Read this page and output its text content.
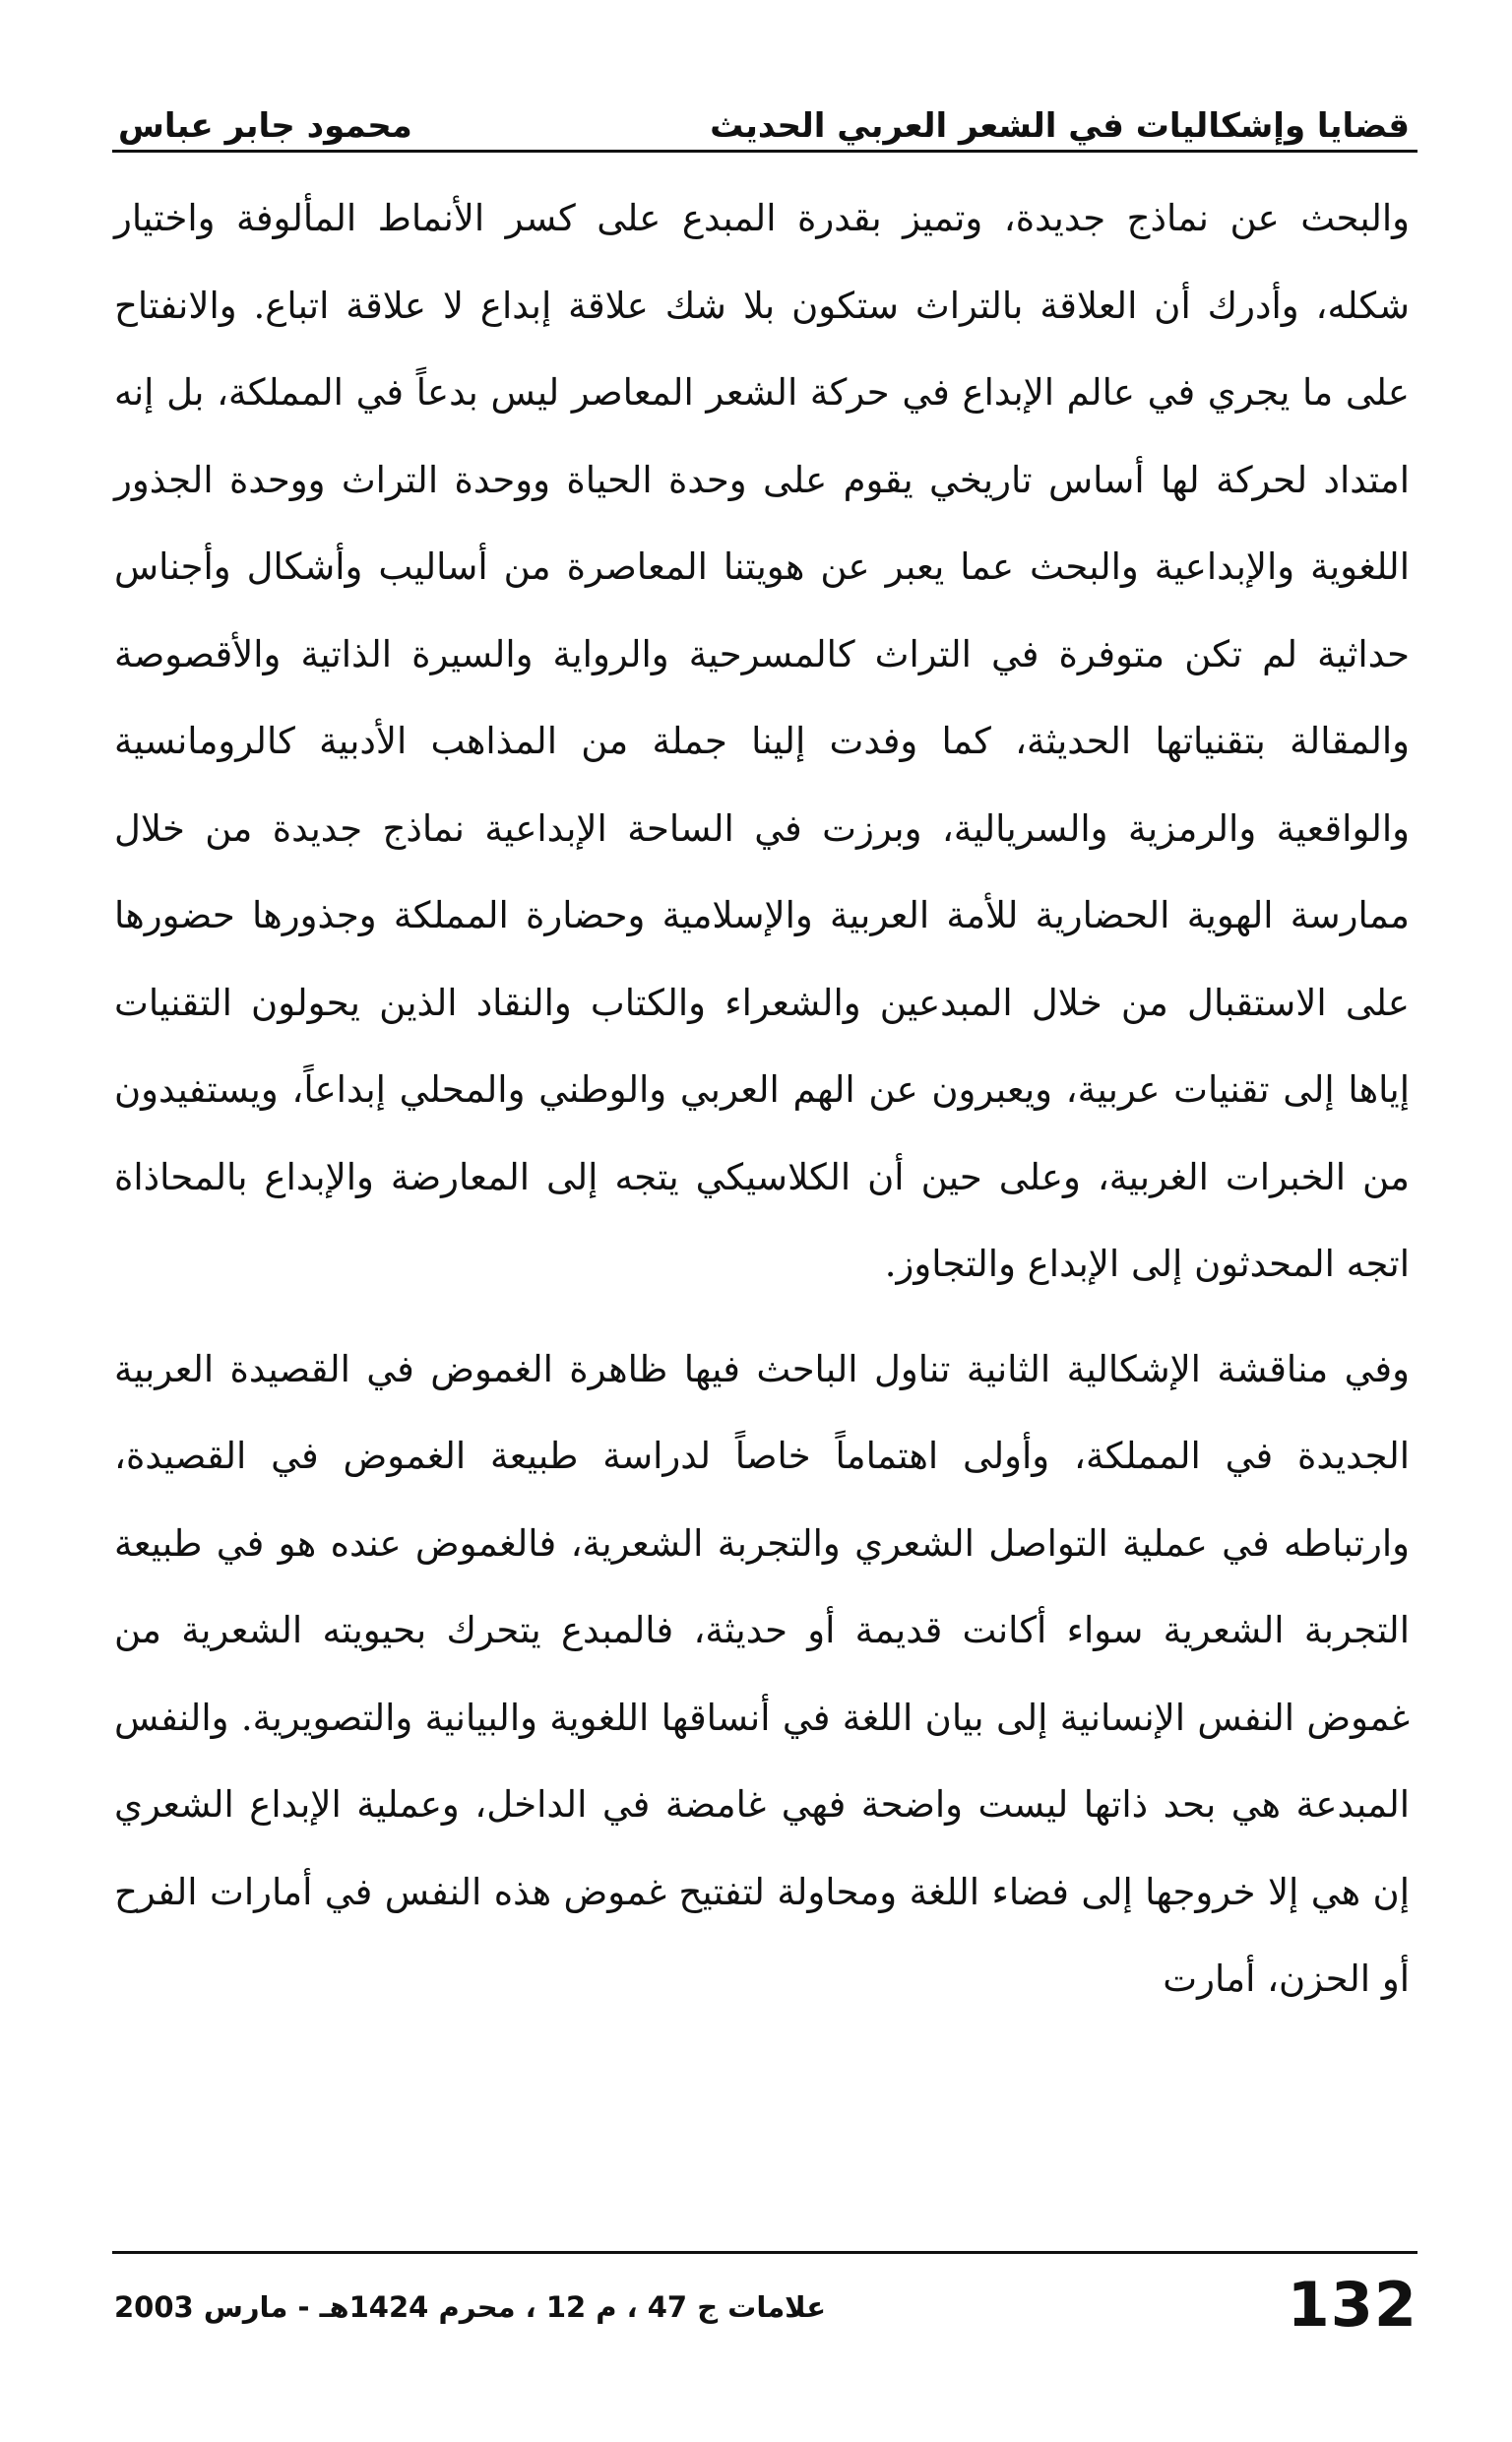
محمود جابر عباس	قضايا وإشكاليات في الشعر العربي الحديث

والبحث عن نماذج جديدة، وتميز بقدرة المبدع على كسر الأنماط المألوفة واختيار شكله، وأدرك أن العلاقة بالتراث ستكون بلا شك علاقة إبداع لا علاقة اتباع. والانفتاح على ما يجري في عالم الإبداع في حركة الشعر المعاصر ليس بدعاً في المملكة، بل إنه امتداد لحركة لها أساس تاريخي يقوم على وحدة الحياة ووحدة التراث ووحدة الجذور اللغوية والإبداعية والبحث عما يعبر عن هويتنا المعاصرة من أساليب وأشكال وأجناس حداثية لم تكن متوفرة في التراث كالمسرحية والرواية والسيرة الذاتية والأقصوصة والمقالة بتقنياتها الحديثة، كما وفدت إلينا جملة من المذاهب الأدبية كالرومانسية والواقعية والرمزية والسريالية، وبرزت في الساحة الإبداعية نماذج جديدة من خلال ممارسة الهوية الحضارية للأمة العربية والإسلامية وحضارة المملكة وجذورها حضورها على الاستقبال من خلال المبدعين والشعراء والكتاب والنقاد الذين يحولون التقنيات إياها إلى تقنيات عربية، ويعبرون عن الهم العربي والوطني والمحلي إبداعاً، ويستفيدون من الخبرات الغربية، وعلى حين أن الكلاسيكي يتجه إلى المعارضة والإبداع بالمحاذاة اتجه المحدثون إلى الإبداع والتجاوز.

وفي مناقشة الإشكالية الثانية تناول الباحث فيها ظاهرة الغموض في القصيدة العربية الجديدة في المملكة، وأولى اهتماماً خاصاً لدراسة طبيعة الغموض في القصيدة، وارتباطه في عملية التواصل الشعري والتجربة الشعرية، فالغموض عنده هو في طبيعة التجربة الشعرية سواء أكانت قديمة أو حديثة، فالمبدع يتحرك بحيويته الشعرية من غموض النفس الإنسانية إلى بيان اللغة في أنساقها اللغوية والبيانية والتصويرية. والنفس المبدعة هي بحد ذاتها ليست واضحة فهي غامضة في الداخل، وعملية الإبداع الشعري إن هي إلا خروجها إلى فضاء اللغة ومحاولة لتفتيح غموض هذه النفس في أمارات الفرح أو الحزن، أمارت

132
علامات ج 47 ، م 12 ، محرم 1424هـ - مارس 2003
